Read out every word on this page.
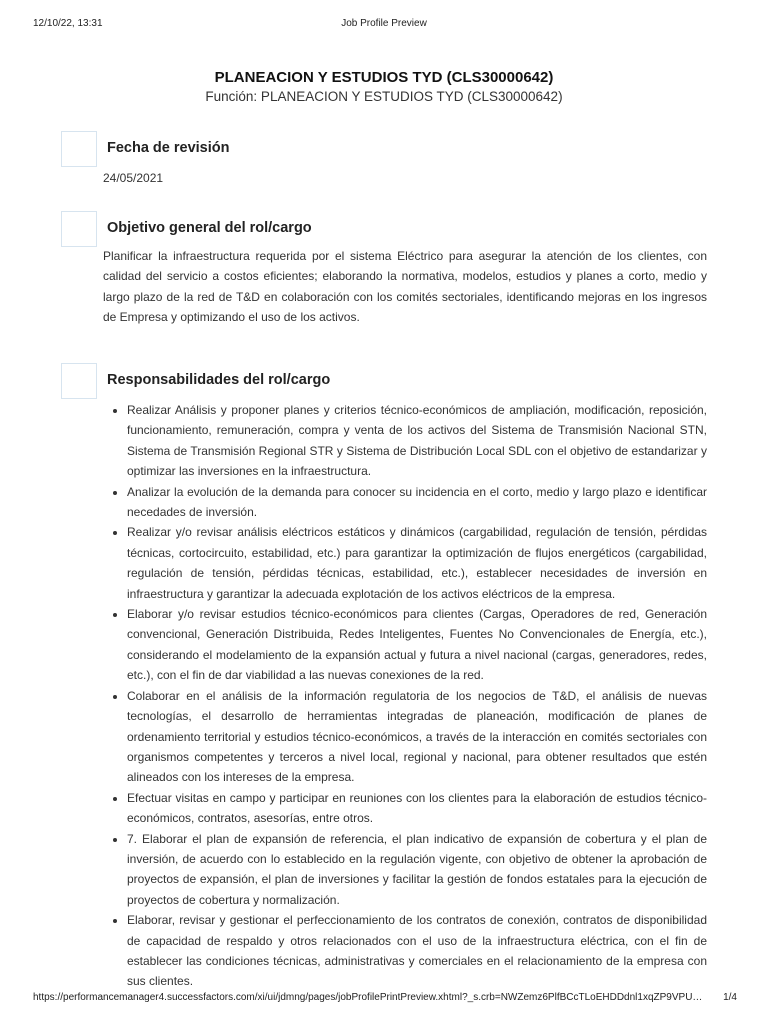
12/10/22, 13:31	Job Profile Preview
PLANEACION Y ESTUDIOS TYD (CLS30000642)
Función: PLANEACION Y ESTUDIOS TYD (CLS30000642)
Fecha de revisión
24/05/2021
Objetivo general del rol/cargo

Planificar la infraestructura requerida por el sistema Eléctrico para asegurar la atención de los clientes, con calidad del servicio a costos eficientes; elaborando la normativa, modelos, estudios y planes a corto, medio y largo plazo de la red de T&D en colaboración con los comités sectoriales, identificando mejoras en los ingresos de Empresa y optimizando el uso de los activos.

Responsabilidades del rol/cargo
• Realizar Análisis y proponer planes y criterios técnico-económicos de ampliación, modificación, reposición, funcionamiento, remuneración, compra y venta de los activos del Sistema de Transmisión Nacional STN, Sistema de Transmisión Regional STR y Sistema de Distribución Local SDL con el objetivo de estandarizar y optimizar las inversiones en la infraestructura.
• Analizar la evolución de la demanda para conocer su incidencia en el corto, medio y largo plazo e identificar necedades de inversión.
• Realizar y/o revisar análisis eléctricos estáticos y dinámicos (cargabilidad, regulación de tensión, pérdidas técnicas, cortocircuito, estabilidad, etc.) para garantizar la optimización de flujos energéticos (cargabilidad, regulación de tensión, pérdidas técnicas, estabilidad, etc.), establecer necesidades de inversión en infraestructura y garantizar la adecuada explotación de los activos eléctricos de la empresa.
• Elaborar y/o revisar estudios técnico-económicos para clientes (Cargas, Operadores de red, Generación convencional, Generación Distribuida, Redes Inteligentes, Fuentes No Convencionales de Energía, etc.), considerando el modelamiento de la expansión actual y futura a nivel nacional (cargas, generadores, redes, etc.), con el fin de dar viabilidad a las nuevas conexiones de la red.
• Colaborar en el análisis de la información regulatoria de los negocios de T&D, el análisis de nuevas tecnologías, el desarrollo de herramientas integradas de planeación, modificación de planes de ordenamiento territorial y estudios técnico-económicos, a través de la interacción en comités sectoriales con organismos competentes y terceros a nivel local, regional y nacional, para obtener resultados que estén alineados con los intereses de la empresa.
• Efectuar visitas en campo y participar en reuniones con los clientes para la elaboración de estudios técnico-económicos, contratos, asesorías, entre otros.
• 7. Elaborar el plan de expansión de referencia, el plan indicativo de expansión de cobertura y el plan de inversión, de acuerdo con lo establecido en la regulación vigente, con objetivo de obtener la aprobación de proyectos de expansión, el plan de inversiones y facilitar la gestión de fondos estatales para la ejecución de proyectos de cobertura y normalización.
• Elaborar, revisar y gestionar el perfeccionamiento de los contratos de conexión, contratos de disponibilidad de capacidad de respaldo y otros relacionados con el uso de la infraestructura eléctrica, con el fin de establecer las condiciones técnicas, administrativas y comerciales en el relacionamiento de la empresa con sus clientes.
https://performancemanager4.successfactors.com/xi/ui/jdmng/pages/jobProfilePrintPreview.xhtml?_s.crb=NWZemz6PlfBCcTLoEHDDdnl1xqZP9VPU…	1/4
